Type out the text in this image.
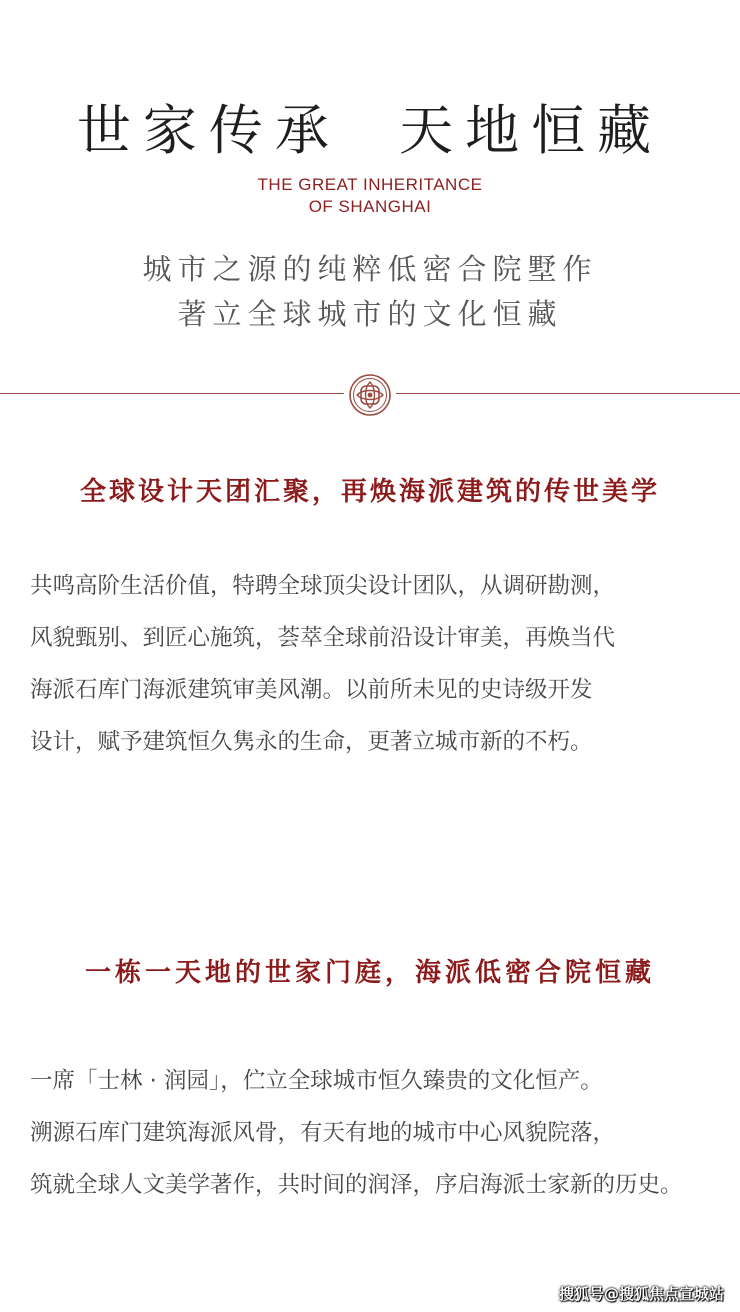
世家传承  天地恒藏
THE GREAT INHERITANCE
OF SHANGHAI
城市之源的纯粹低密合院墅作
著立全球城市的文化恒藏
全球设计天团汇聚，再焕海派建筑的传世美学
共鸣高阶生活价值，特聘全球顶尖设计团队，从调研勘测，
风貌甄别、到匠心施筑，荟萃全球前沿设计审美，再焕当代
海派石库门海派建筑审美风潮。以前所未见的史诗级开发
设计，赋予建筑恒久隽永的生命，更著立城市新的不朽。
一栋一天地的世家门庭，海派低密合院恒藏
一席「士林 · 润园」，伫立全球城市恒久臻贵的文化恒产。
溯源石库门建筑海派风骨，有天有地的城市中心风貌院落，
筑就全球人文美学著作，共时间的润泽，序启海派士家新的历史。
搜狐号@搜狐焦点宣城站
